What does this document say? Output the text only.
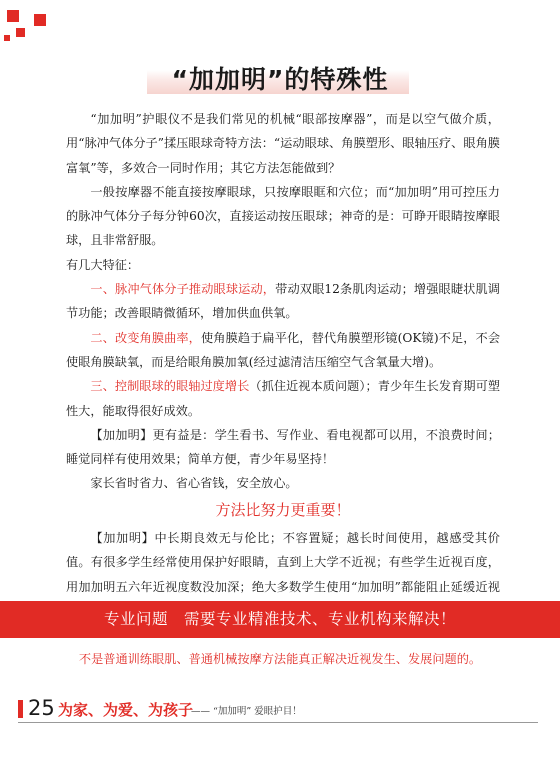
“加加明”的特殊性

“加加明”护眼仪不是我们常见的机械“眼部按摩器”，而是以空气做介质，用“脉冲气体分子”揉压眼球奇特方法：“运动眼球、角膜塑形、眼轴压疗、眼角膜富氧”等，多效合一同时作用；其它方法怎能做到？

一般按摩器不能直接按摩眼球，只按摩眼眶和穴位；而“加加明”用可控压力的脉冲气体分子每分钟60次，直接运动按压眼球；神奇的是：可睁开眼睛按摩眼球，且非常舒服。

有几大特征：

一、脉冲气体分子推动眼球运动，带动双眼12条肌肉运动；增强眼睫状肌调节功能；改善眼睛微循环，增加供血供氧。

二、改变角膜曲率，使角膜趋于扁平化，替代角膜塑形镜(OK镜)不足，不会使眼角膜缺氧，而是给眼角膜加氧(经过滤清洁压缩空气含氧量大增)。

三、控制眼球的眼轴过度增长（抓住近视本质问题）；青少年生长发育期可塑性大，能取得很好成效。

【加加明】更有益是：学生看书、写作业、看电视都可以用，不浪费时间；睡觉同样有使用效果；简单方便，青少年易坚持！

家长省时省力、省心省钱，安全放心。

方法比努力更重要！

【加加明】中长期良效无与伦比；不容置疑；越长时间使用，越感受其价值。有很多学生经常使用保护好眼睛，直到上大学不近视；有些学生近视百度，用加加明五六年近视度数没加深；绝大多数学生使用“加加明”都能阻止延缓近视

专业问题 需要专业精准技术、专业机构来解决！
不是普通训练眼肌、普通机械按摩方法能真正解决近视发生、发展问题的。
25 为家、为爱、为孩子
—— “加加明” 爱眼护目！
